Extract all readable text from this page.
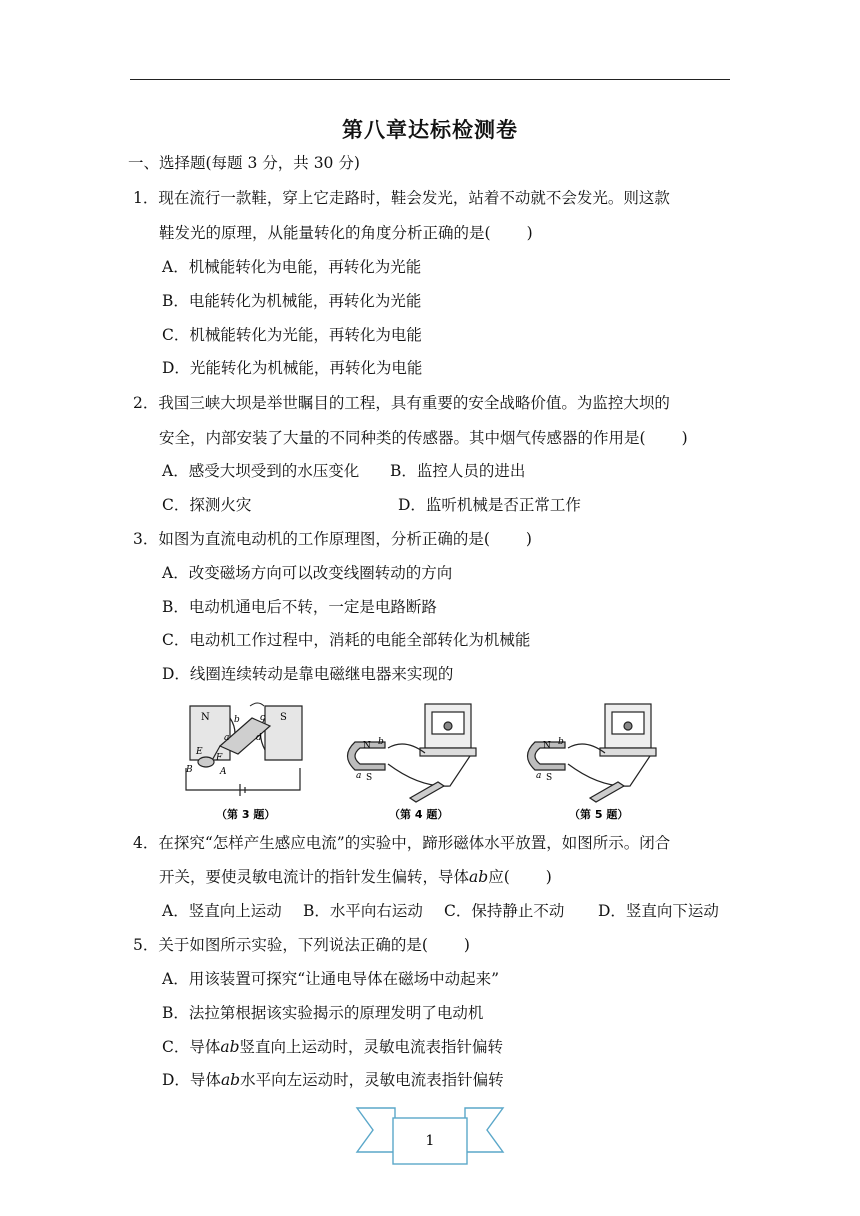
第八章达标检测卷
一、选择题(每题 3 分，共 30 分)
1．现在流行一款鞋，穿上它走路时，鞋会发光，站着不动就不会发光。则这款
鞋发光的原理，从能量转化的角度分析正确的是( )
A．机械能转化为电能，再转化为光能
B．电能转化为机械能，再转化为光能
C．机械能转化为光能，再转化为电能
D．光能转化为机械能，再转化为电能
2．我国三峡大坝是举世瞩目的工程，具有重要的安全战略价值。为监控大坝的
安全，内部安装了大量的不同种类的传感器。其中烟气传感器的作用是( )
A．感受大坝受到的水压变化 B．监控人员的进出
C．探测火灾	D．监听机械是否正常工作
3．如图为直流电动机的工作原理图，分析正确的是( )
A．改变磁场方向可以改变线圈转动的方向
B．电动机通电后不转，一定是电路断路
C．电动机工作过程中，消耗的电能全部转化为机械能
D．线圈连续转动是靠电磁继电器来实现的
N	S
a
b c
d
E
F
B	A
（第 3 题）
N
S
a
b
（第 4 题）
N
S
a
b
（第 5 题）
4．在探究“怎样产生感应电流”的实验中，蹄形磁体水平放置，如图所示。闭合
开关，要使灵敏电流计的指针发生偏转，导体ab应( )
A．竖直向上运动 B．水平向右运动 C．保持静止不动 D．竖直向下运动
5．关于如图所示实验，下列说法正确的是( )
A．用该装置可探究“让通电导体在磁场中动起来”
B．法拉第根据该实验揭示的原理发明了电动机
C．导体ab竖直向上运动时，灵敏电流表指针偏转
D．导体ab水平向左运动时，灵敏电流表指针偏转
1
